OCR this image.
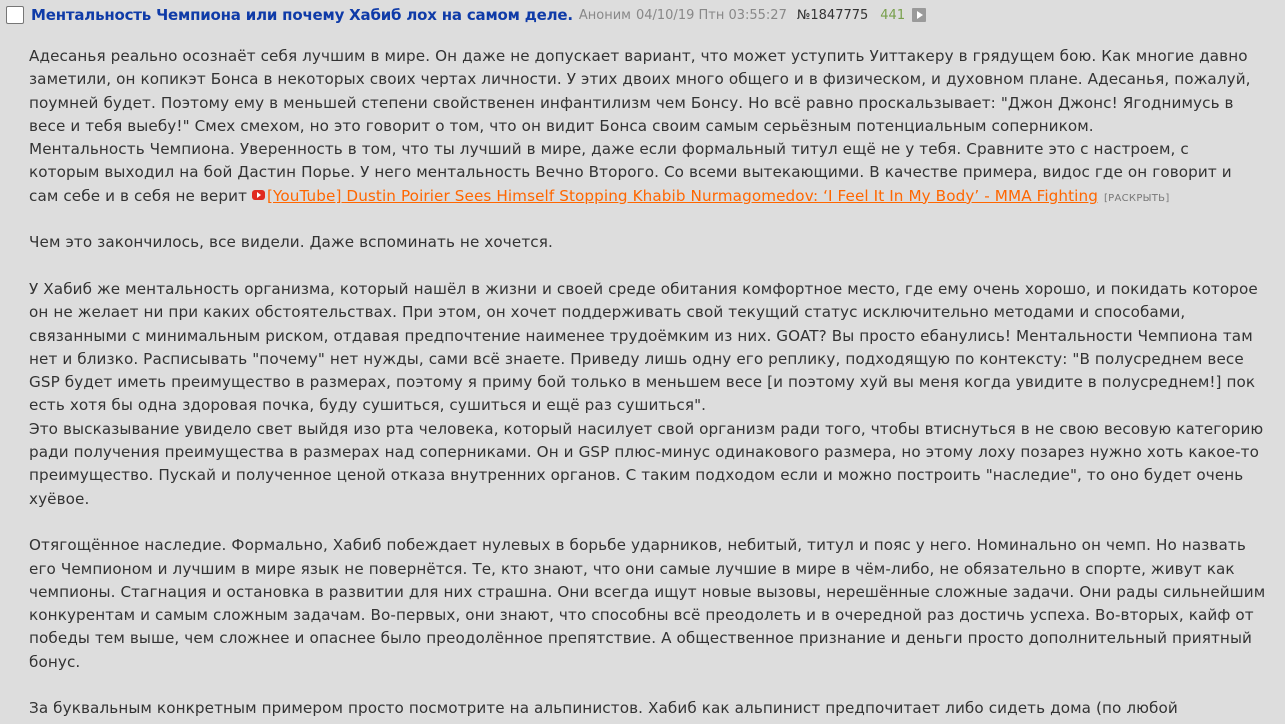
Ментальность Чемпиона или почему Хабиб лох на самом деле. Аноним 04/10/19 Птн 03:55:27 №1847775 441
Адесанья реально осознаёт себя лучшим в мире. Он даже не допускает вариант, что может уступить Уиттакеру в грядущем бою. Как многие давно
заметили, он копикэт Бонса в некоторых своих чертах личности. У этих двоих много общего и в физическом, и духовном плане. Адесанья, пожалуй,
поумней будет. Поэтому ему в меньшей степени свойственен инфантилизм чем Бонсу. Но всё равно проскальзывает: "Джон Джонс! Ягоднимусь в
весе и тебя выебу!" Смех смехом, но это говорит о том, что он видит Бонса своим самым серьёзным потенциальным соперником.
Ментальность Чемпиона. Уверенность в том, что ты лучший в мире, даже если формальный титул ещё не у тебя. Сравните это с настроем, с
которым выходил на бой Дастин Порье. У него ментальность Вечно Второго. Со всеми вытекающими. В качестве примера, видос где он говорит и
сам себе и в себя не верит [YouTube] Dustin Poirier Sees Himself Stopping Khabib Nurmagomedov: ‘I Feel It In My Body’ - MMA Fighting [РАСКРЫТЬ]
Чем это закончилось, все видели. Даже вспоминать не хочется.
У Хабиб же ментальность организма, который нашёл в жизни и своей среде обитания комфортное место, где ему очень хорошо, и покидать которое
он не желает ни при каких обстоятельствах. При этом, он хочет поддерживать свой текущий статус исключительно методами и способами,
связанными с минимальным риском, отдавая предпочтение наименее трудоёмким из них. GOAT? Вы просто ебанулись! Ментальности Чемпиона там
нет и близко. Расписывать "почему" нет нужды, сами всё знаете. Приведу лишь одну его реплику, подходящую по контексту: "В полусреднем весе
GSP будет иметь преимущество в размерах, поэтому я приму бой только в меньшем весе [и поэтому хуй вы меня когда увидите в полусреднем!] пок
есть хотя бы одна здоровая почка, буду сушиться, сушиться и ещё раз сушиться".
Это высказывание увидело свет выйдя изо рта человека, который насилует свой организм ради того, чтобы втиснуться в не свою весовую категорию
ради получения преимущества в размерах над соперниками. Он и GSP плюс-минус одинакового размера, но этому лоху позарез нужно хоть какое-то
преимущество. Пускай и полученное ценой отказа внутренних органов. С таким подходом если и можно построить "наследие", то оно будет очень
хуёвое.
Отягощённое наследие. Формально, Хабиб побеждает нулевых в борьбе ударников, небитый, титул и пояс у него. Номинально он чемп. Но назвать
его Чемпионом и лучшим в мире язык не повернётся. Те, кто знают, что они самые лучшие в мире в чём-либо, не обязательно в спорте, живут как
чемпионы. Стагнация и остановка в развитии для них страшна. Они всегда ищут новые вызовы, нерешённые сложные задачи. Они рады сильнейшим
конкурентам и самым сложным задачам. Во-первых, они знают, что способны всё преодолеть и в очередной раз достичь успеха. Во-вторых, кайф от
победы тем выше, чем сложнее и опаснее было преодолённое препятствие. А общественное признание и деньги просто дополнительный приятный
бонус.
За буквальным конкретным примером просто посмотрите на альпинистов. Хабиб как альпинист предпочитает либо сидеть дома (по любой
